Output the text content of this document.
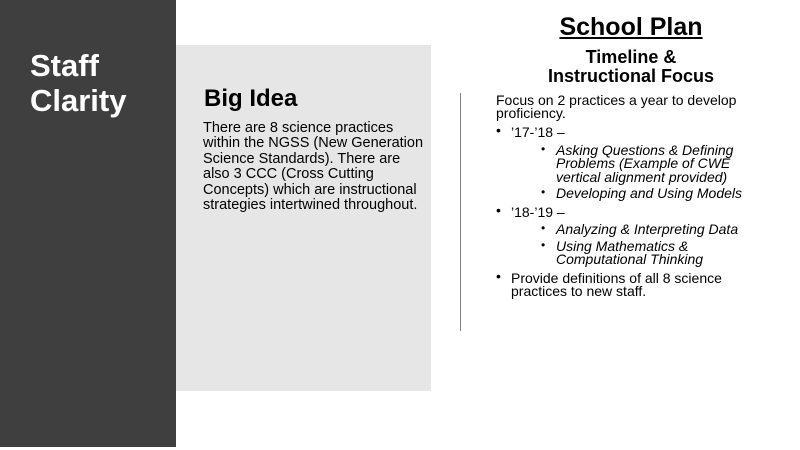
Staff
Clarity	Big Idea

There are 8 science practices within the NGSS (New Generation Science Standards). There are also 3 CCC (Cross Cutting Concepts) which are instructional strategies intertwined throughout.

School Plan
Timeline &
Instructional Focus

Focus on 2 practices a year to develop proficiency.

• ’17-’18 –
• Asking Questions & Defining Problems (Example of CWE vertical alignment provided)
• Developing and Using Models
• ’18-’19 –
• Analyzing & Interpreting Data
• Using Mathematics & Computational Thinking
• Provide definitions of all 8 science practices to new staff.
